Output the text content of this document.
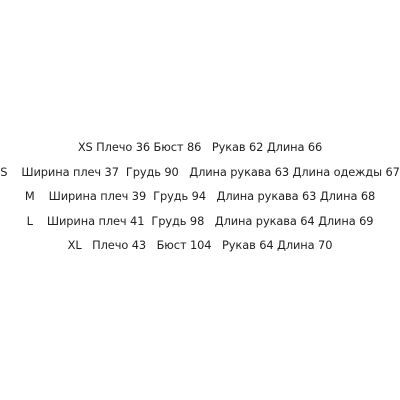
XS Плечо 36 Бюст 86   Рукав 62 Длина 66
S    Ширина плеч 37  Грудь 90   Длина рукава 63 Длина одежды 67
M    Ширина плеч 39  Грудь 94   Длина рукава 63 Длина 68
L    Ширина плеч 41  Грудь 98   Длина рукава 64 Длина 69
XL   Плечо 43   Бюст 104   Рукав 64 Длина 70
